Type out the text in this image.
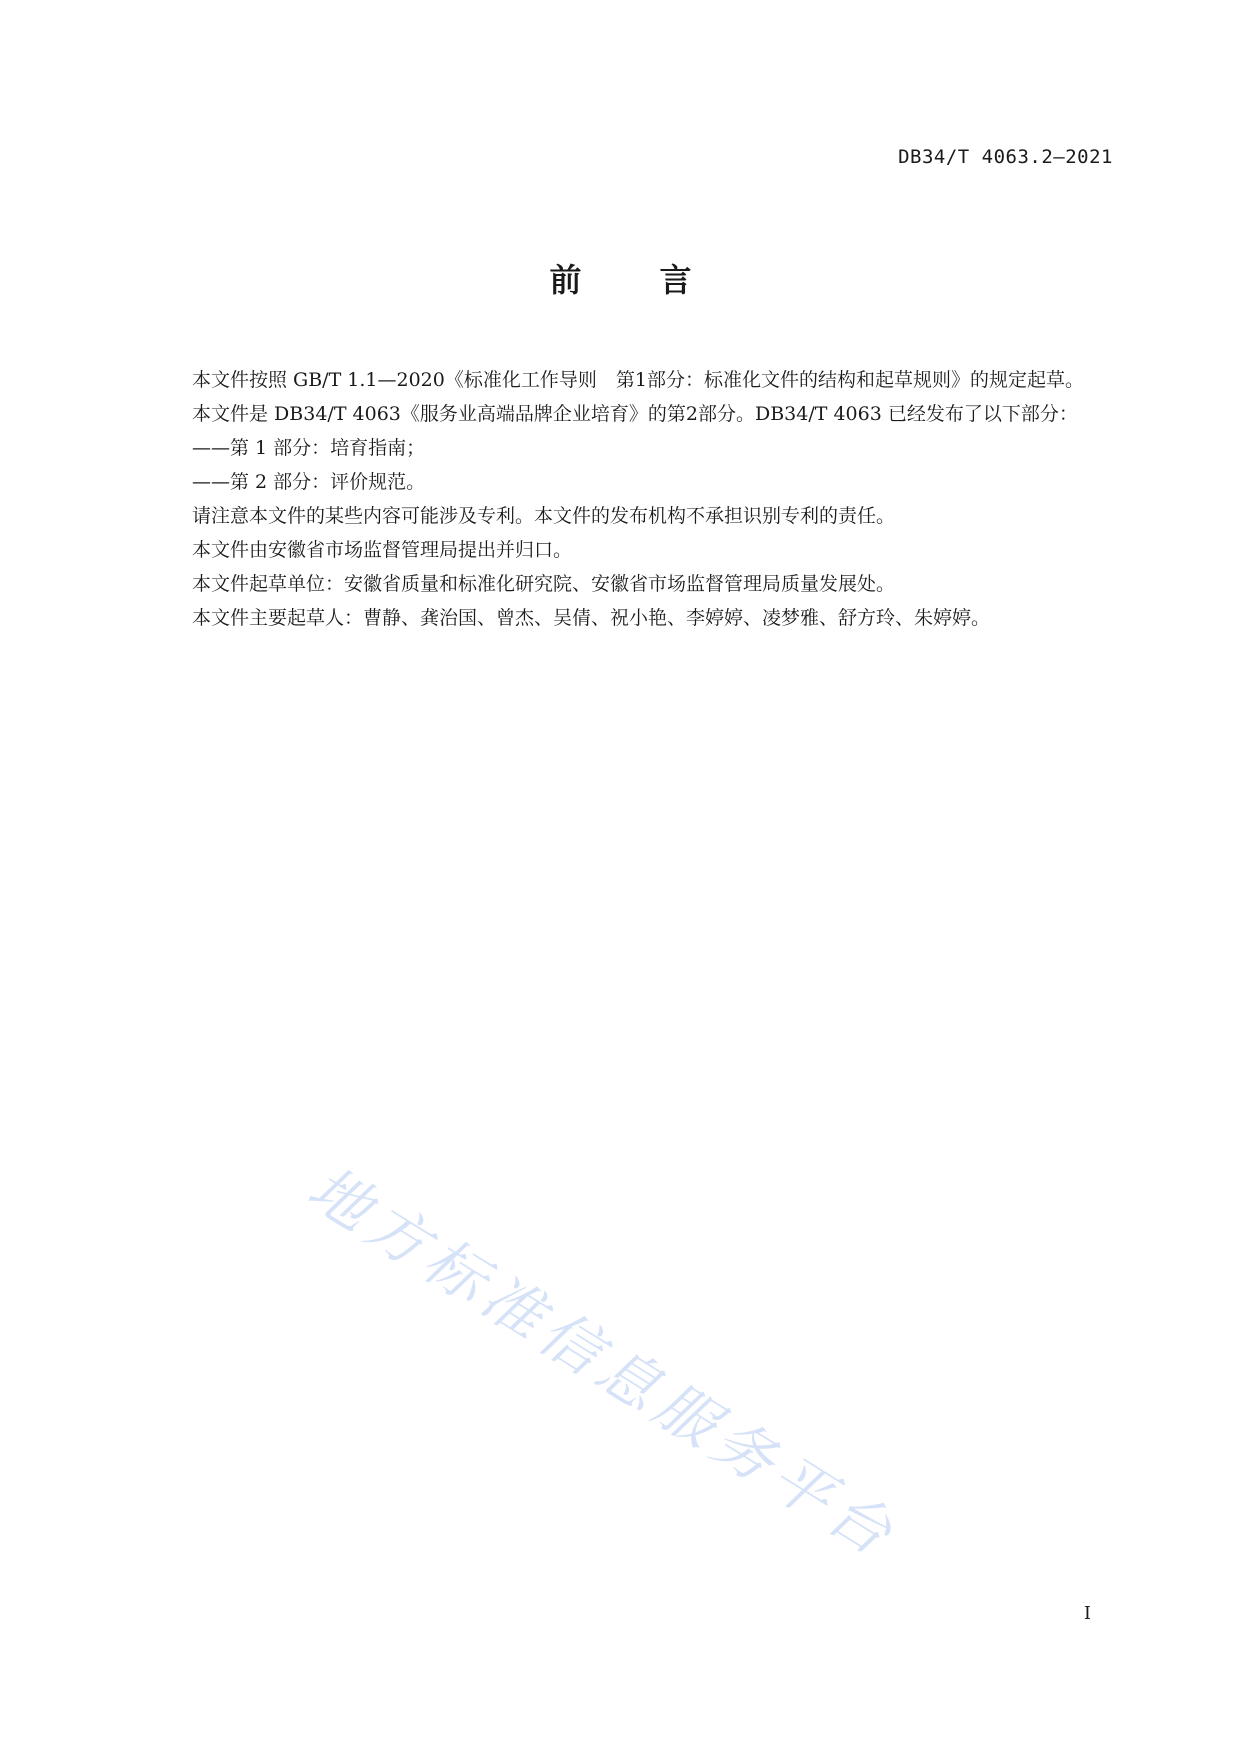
DB34/T 4063.2—2021
前 言

本文件按照 GB/T 1.1—2020《标准化工作导则　第1部分：标准化文件的结构和起草规则》的规定起草。

本文件是 DB34/T 4063《服务业高端品牌企业培育》的第2部分。DB34/T 4063 已经发布了以下部分：

——第 1 部分：培育指南；

——第 2 部分：评价规范。

请注意本文件的某些内容可能涉及专利。本文件的发布机构不承担识别专利的责任。

本文件由安徽省市场监督管理局提出并归口。

本文件起草单位：安徽省质量和标准化研究院、安徽省市场监督管理局质量发展处。

本文件主要起草人：曹静、龚治国、曾杰、吴倩、祝小艳、李婷婷、凌梦雅、舒方玲、朱婷婷。

地方标准信息服务平台
I
